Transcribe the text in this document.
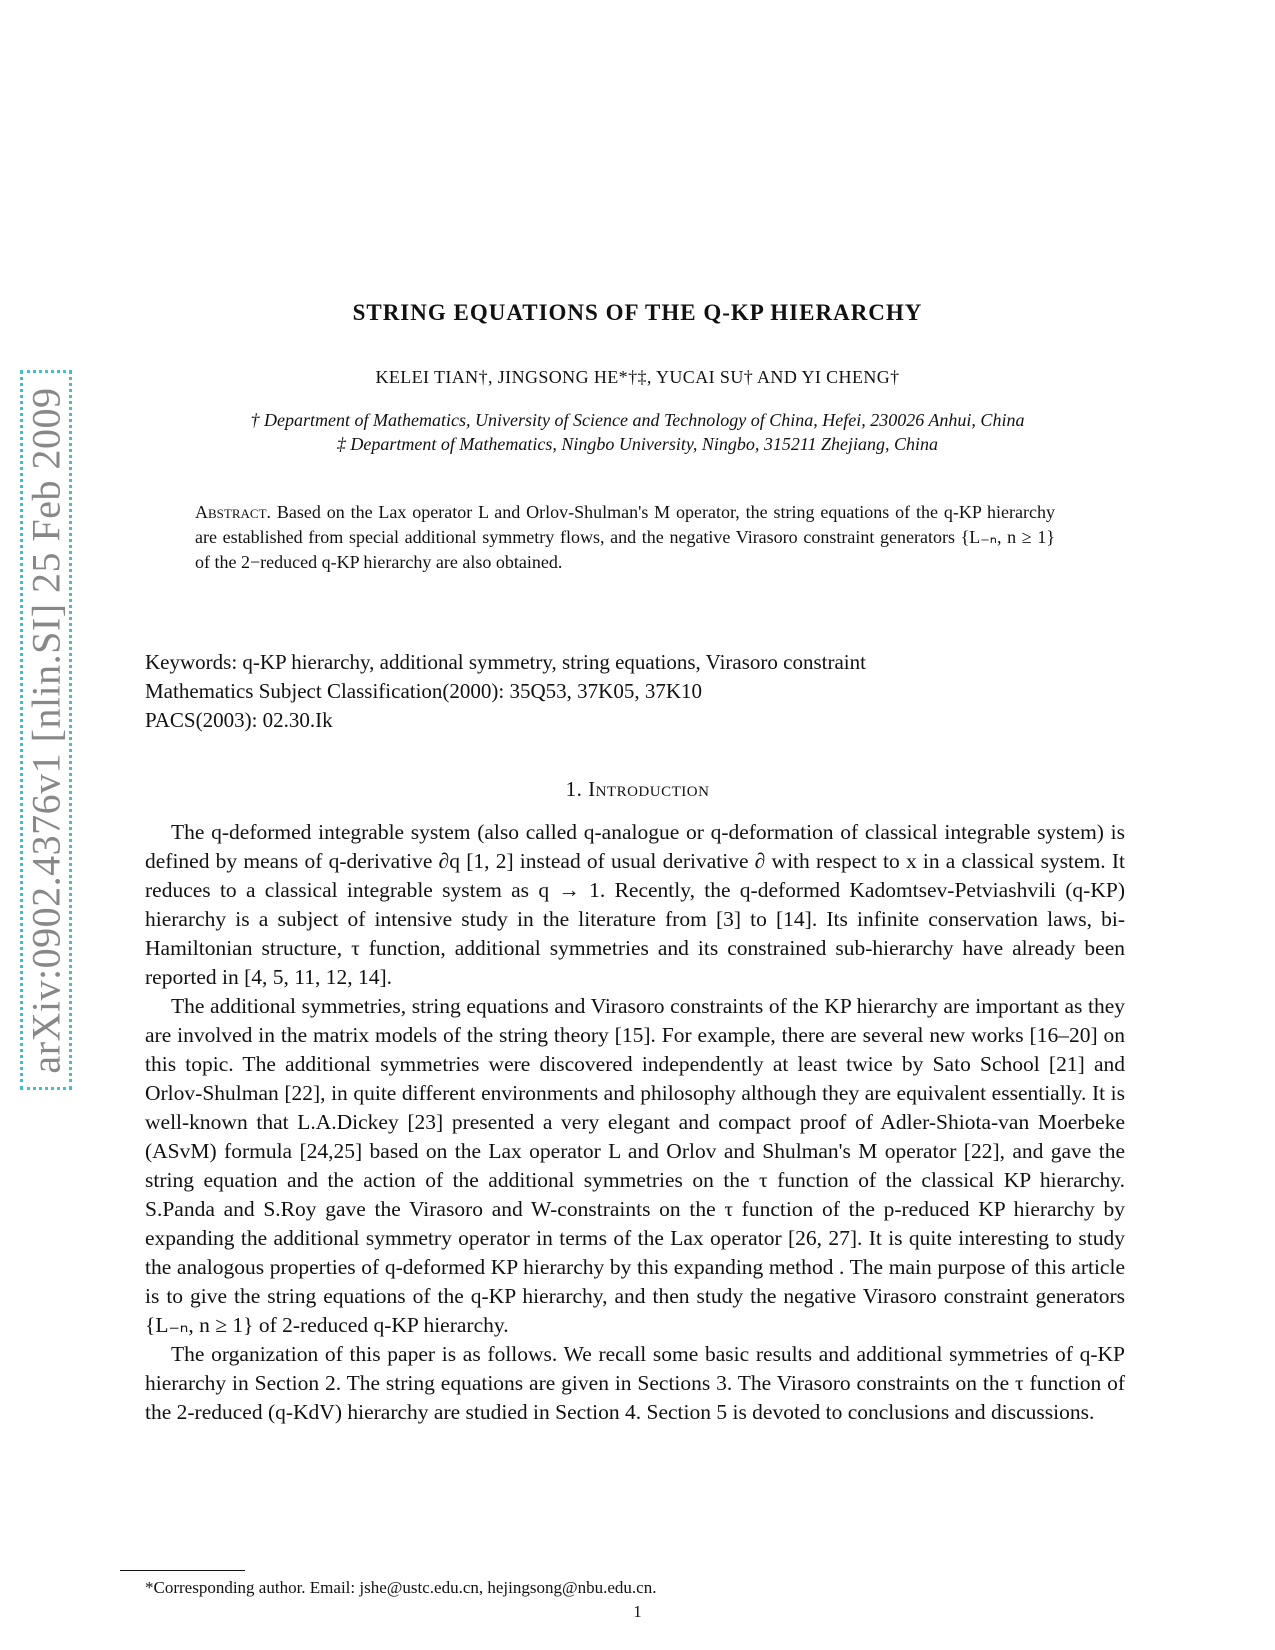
arXiv:0902.4376v1 [nlin.SI] 25 Feb 2009
STRING EQUATIONS OF THE Q-KP HIERARCHY
KELEI TIAN†, JINGSONG HE*†‡, YUCAI SU† AND YI CHENG†
† Department of Mathematics, University of Science and Technology of China, Hefei, 230026 Anhui, China
‡ Department of Mathematics, Ningbo University, Ningbo, 315211 Zhejiang, China
Abstract. Based on the Lax operator L and Orlov-Shulman's M operator, the string equations of the q-KP hierarchy are established from special additional symmetry flows, and the negative Virasoro constraint generators {L₋ₙ, n ≥ 1} of the 2−reduced q-KP hierarchy are also obtained.
Keywords: q-KP hierarchy, additional symmetry, string equations, Virasoro constraint
Mathematics Subject Classification(2000): 35Q53, 37K05, 37K10
PACS(2003): 02.30.Ik
1. Introduction

The q-deformed integrable system (also called q-analogue or q-deformation of classical integrable system) is defined by means of q-derivative ∂q [1, 2] instead of usual derivative ∂ with respect to x in a classical system. It reduces to a classical integrable system as q → 1. Recently, the q-deformed Kadomtsev-Petviashvili (q-KP) hierarchy is a subject of intensive study in the literature from [3] to [14]. Its infinite conservation laws, bi-Hamiltonian structure, τ function, additional symmetries and its constrained sub-hierarchy have already been reported in [4, 5, 11, 12, 14].

The additional symmetries, string equations and Virasoro constraints of the KP hierarchy are important as they are involved in the matrix models of the string theory [15]. For example, there are several new works [16–20] on this topic. The additional symmetries were discovered independently at least twice by Sato School [21] and Orlov-Shulman [22], in quite different environments and philosophy although they are equivalent essentially. It is well-known that L.A.Dickey [23] presented a very elegant and compact proof of Adler-Shiota-van Moerbeke (ASvM) formula [24,25] based on the Lax operator L and Orlov and Shulman's M operator [22], and gave the string equation and the action of the additional symmetries on the τ function of the classical KP hierarchy. S.Panda and S.Roy gave the Virasoro and W-constraints on the τ function of the p-reduced KP hierarchy by expanding the additional symmetry operator in terms of the Lax operator [26, 27]. It is quite interesting to study the analogous properties of q-deformed KP hierarchy by this expanding method . The main purpose of this article is to give the string equations of the q-KP hierarchy, and then study the negative Virasoro constraint generators {L₋ₙ, n ≥ 1} of 2-reduced q-KP hierarchy.

The organization of this paper is as follows. We recall some basic results and additional symmetries of q-KP hierarchy in Section 2. The string equations are given in Sections 3. The Virasoro constraints on the τ function of the 2-reduced (q-KdV) hierarchy are studied in Section 4. Section 5 is devoted to conclusions and discussions.

*Corresponding author. Email: jshe@ustc.edu.cn, hejingsong@nbu.edu.cn.
1
